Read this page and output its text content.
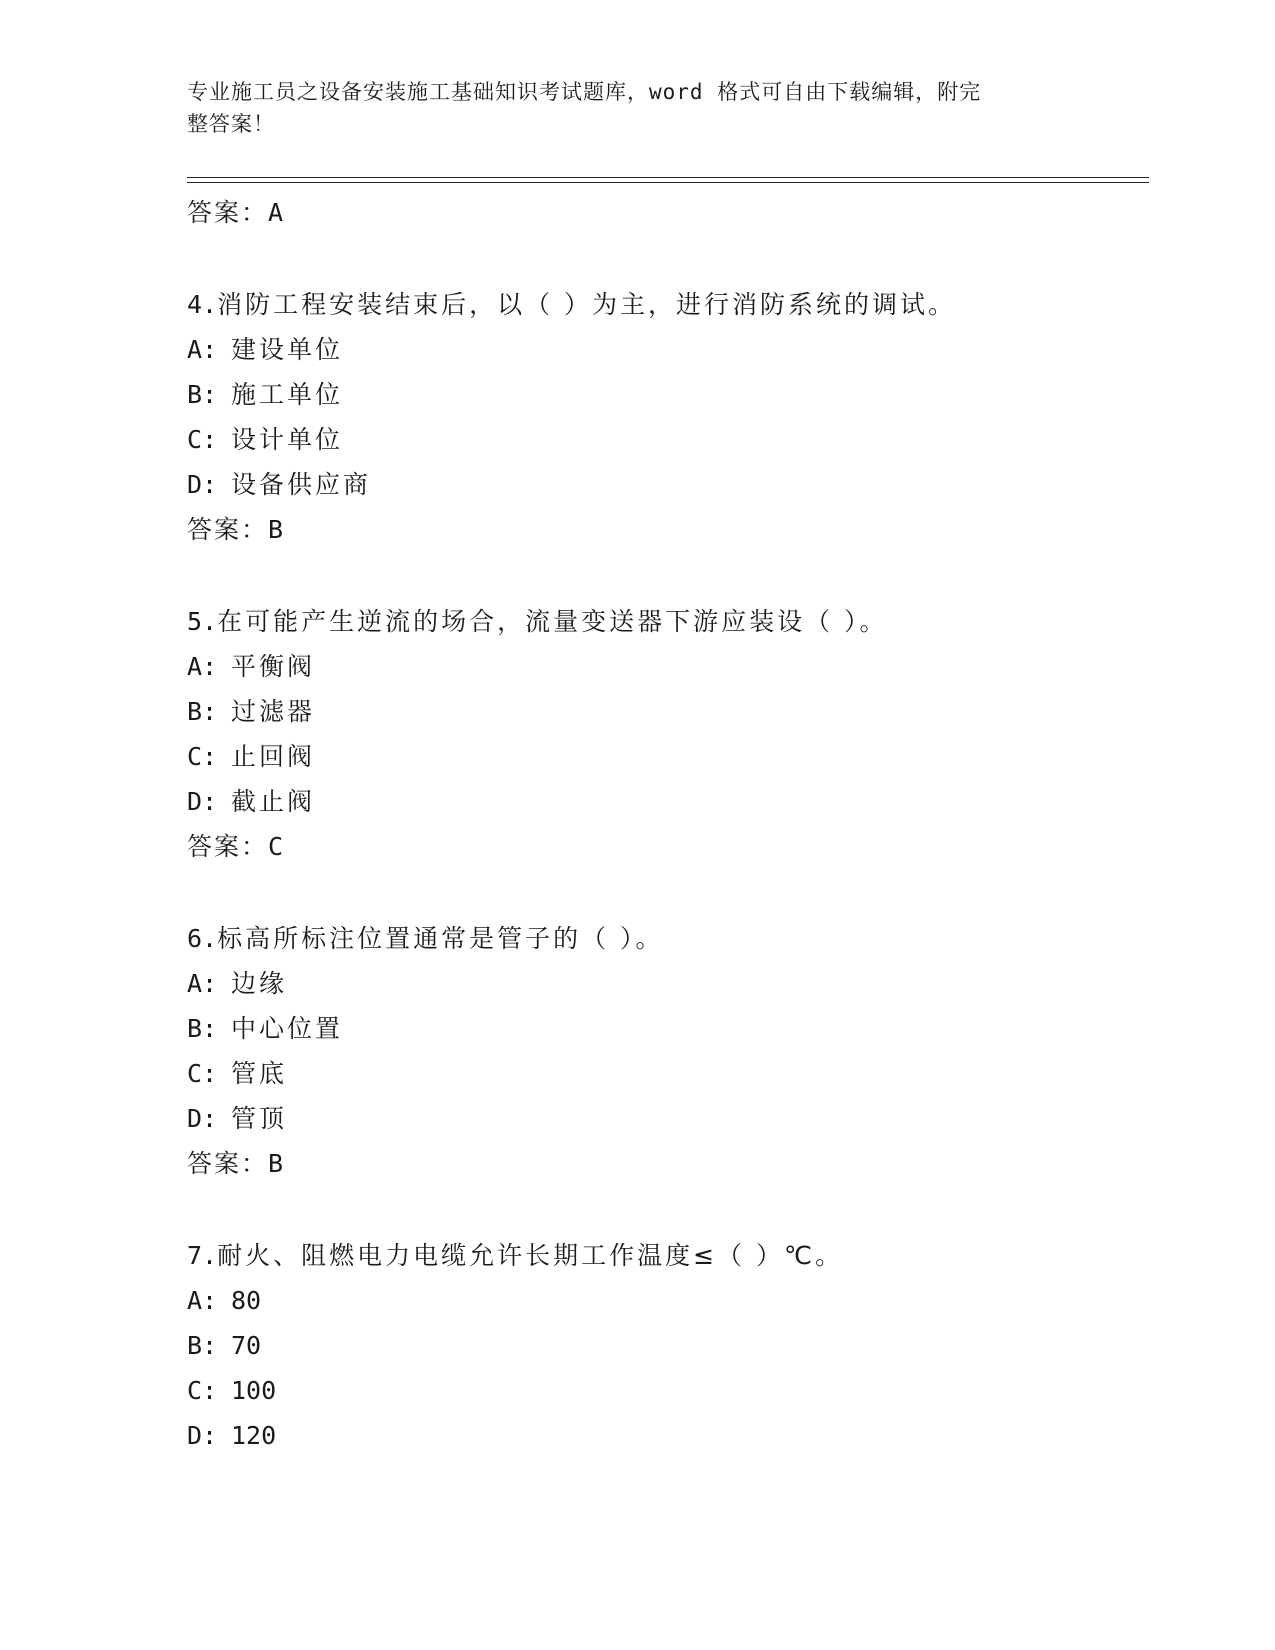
专业施工员之设备安装施工基础知识考试题库，word 格式可自由下载编辑，附完
整答案！
答案：A
4.消防工程安装结束后，以（ ）为主，进行消防系统的调试。
A: 建设单位
B: 施工单位
C: 设计单位
D: 设备供应商
答案：B
5.在可能产生逆流的场合，流量变送器下游应装设（ ）。
A: 平衡阀
B: 过滤器
C: 止回阀
D: 截止阀
答案：C
6.标高所标注位置通常是管子的（ ）。
A: 边缘
B: 中心位置
C: 管底
D: 管顶
答案：B
7.耐火、阻燃电力电缆允许长期工作温度≤（ ）℃。
A: 80
B: 70
C: 100
D: 120
